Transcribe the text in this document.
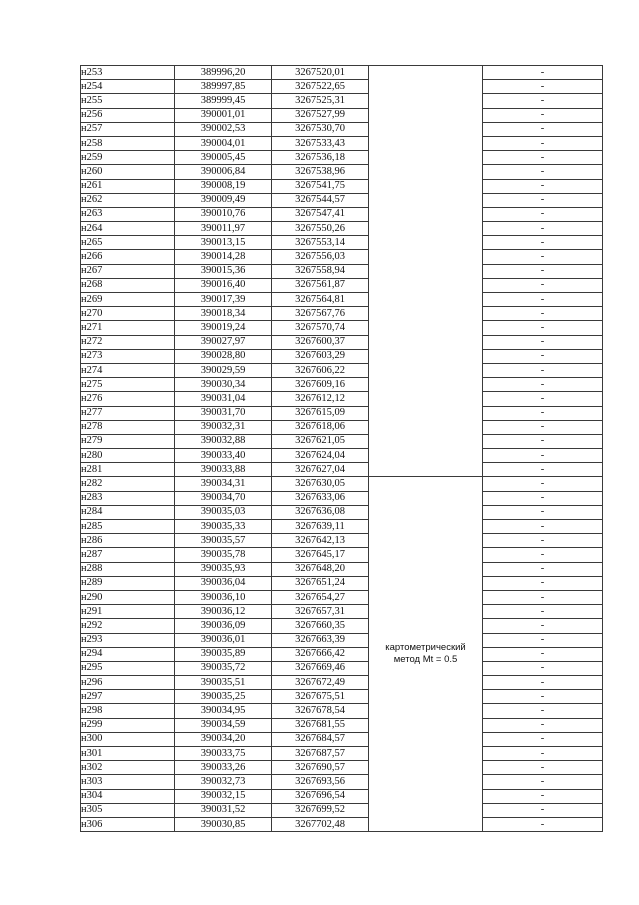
н253	389996,20	3267520,01		-
н254	389997,85	3267522,65		-
н255	389999,45	3267525,31		-
н256	390001,01	3267527,99		-
н257	390002,53	3267530,70		-
н258	390004,01	3267533,43		-
н259	390005,45	3267536,18		-
н260	390006,84	3267538,96		-
н261	390008,19	3267541,75		-
н262	390009,49	3267544,57		-
н263	390010,76	3267547,41		-
н264	390011,97	3267550,26		-
н265	390013,15	3267553,14		-
н266	390014,28	3267556,03		-
н267	390015,36	3267558,94		-
н268	390016,40	3267561,87		-
н269	390017,39	3267564,81		-
н270	390018,34	3267567,76		-
н271	390019,24	3267570,74		-
н272	390027,97	3267600,37		-
н273	390028,80	3267603,29		-
н274	390029,59	3267606,22		-
н275	390030,34	3267609,16		-
н276	390031,04	3267612,12		-
н277	390031,70	3267615,09		-
н278	390032,31	3267618,06		-
н279	390032,88	3267621,05		-
н280	390033,40	3267624,04		-
н281	390033,88	3267627,04		-
н282	390034,31	3267630,05	картометрический
метод Mt = 0.5	-
н283	390034,70	3267633,06		-
н284	390035,03	3267636,08		-
н285	390035,33	3267639,11		-
н286	390035,57	3267642,13		-
н287	390035,78	3267645,17		-
н288	390035,93	3267648,20		-
н289	390036,04	3267651,24		-
н290	390036,10	3267654,27		-
н291	390036,12	3267657,31		-
н292	390036,09	3267660,35		-
н293	390036,01	3267663,39		-
н294	390035,89	3267666,42		-
н295	390035,72	3267669,46		-
н296	390035,51	3267672,49		-
н297	390035,25	3267675,51		-
н298	390034,95	3267678,54		-
н299	390034,59	3267681,55		-
н300	390034,20	3267684,57		-
н301	390033,75	3267687,57		-
н302	390033,26	3267690,57		-
н303	390032,73	3267693,56		-
н304	390032,15	3267696,54		-
н305	390031,52	3267699,52		-
н306	390030,85	3267702,48		-
